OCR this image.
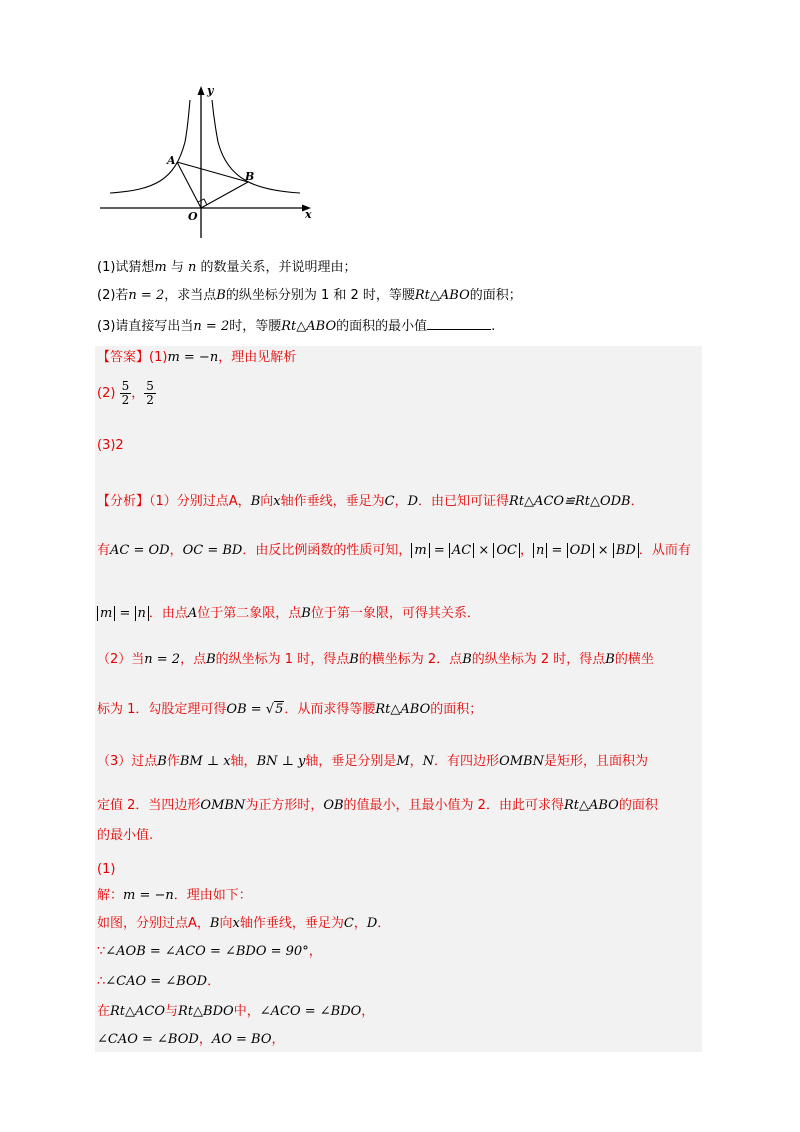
y
x
A
B
O
(1)试猜想m 与 n 的数量关系，并说明理由；
(2)若n = 2，求当点B的纵坐标分别为 1 和 2 时，等腰Rt△ABO的面积；
(3)请直接写出当n = 2时，等腰Rt△ABO的面积的最小值	.
【答案】(1)m = −n，理由见解析
$(2) \frac{5}{2}$ ， $\frac{5}{2}$
(3)2
【分析】（1）分别过点A，B向x轴作垂线，垂足为C，D．由已知可证得Rt△ACO≌Rt△ODB．
有AC = OD，OC = BD．由反比例函数的性质可知， m = AC × OC ， n = OD × BD ．从而有
m = n ．由点A位于第二象限，点B位于第一象限，可得其关系．
（2）当n = 2，点B的纵坐标为 1 时，得点B的横坐标为 2．点B的纵坐标为 2 时，得点B的横坐
标为 1．勾股定理可得OB = √5．从而求得等腰Rt△ABO的面积；
（3）过点B作BM ⊥ x轴，BN ⊥ y轴，垂足分别是M，N．有四边形OMBN是矩形，且面积为
定值 2．当四边形OMBN为正方形时，OB的值最小，且最小值为 2．由此可求得Rt△ABO的面积
的最小值.
(1)
解：m = −n．理由如下：
如图，分别过点A，B向x轴作垂线，垂足为C，D．
∵∠AOB = ∠ACO = ∠BDO = 90°，
∴∠CAO = ∠BOD．
在Rt△ACO与Rt△BDO中，∠ACO = ∠BDO，
∠CAO = ∠BOD，AO = BO，
